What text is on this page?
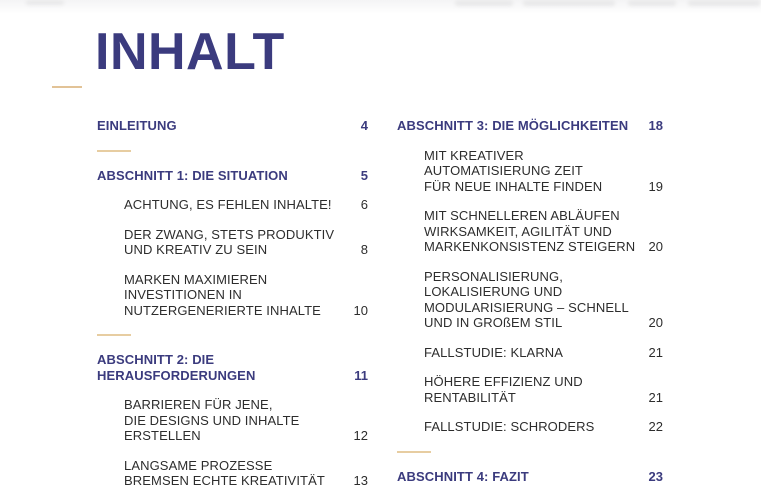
INHALT
EINLEITUNG	4
ABSCHNITT 1: DIE SITUATION	5
ACHTUNG, ES FEHLEN INHALTE!	6
DER ZWANG, STETS PRODUKTIV
UND KREATIV ZU SEIN	8
MARKEN MAXIMIEREN
INVESTITIONEN IN
NUTZERGENERIERTE INHALTE	10
ABSCHNITT 2: DIE
HERAUSFORDERUNGEN	11
BARRIEREN FÜR JENE,
DIE DESIGNS UND INHALTE
ERSTELLEN	12
LANGSAME PROZESSE
BREMSEN ECHTE KREATIVITÄT	13
ABSCHNITT 3: DIE MÖGLICHKEITEN	18
MIT KREATIVER
AUTOMATISIERUNG ZEIT
FÜR NEUE INHALTE FINDEN	19
MIT SCHNELLEREN ABLÄUFEN
WIRKSAMKEIT, AGILITÄT UND
MARKENKONSISTENZ STEIGERN	20
PERSONALISIERUNG,
LOKALISIERUNG UND
MODULARISIERUNG – SCHNELL
UND IN GROßEM STIL	20
FALLSTUDIE: KLARNA	21
HÖHERE EFFIZIENZ UND
RENTABILITÄT	21
FALLSTUDIE: SCHRODERS	22
ABSCHNITT 4: FAZIT	23
